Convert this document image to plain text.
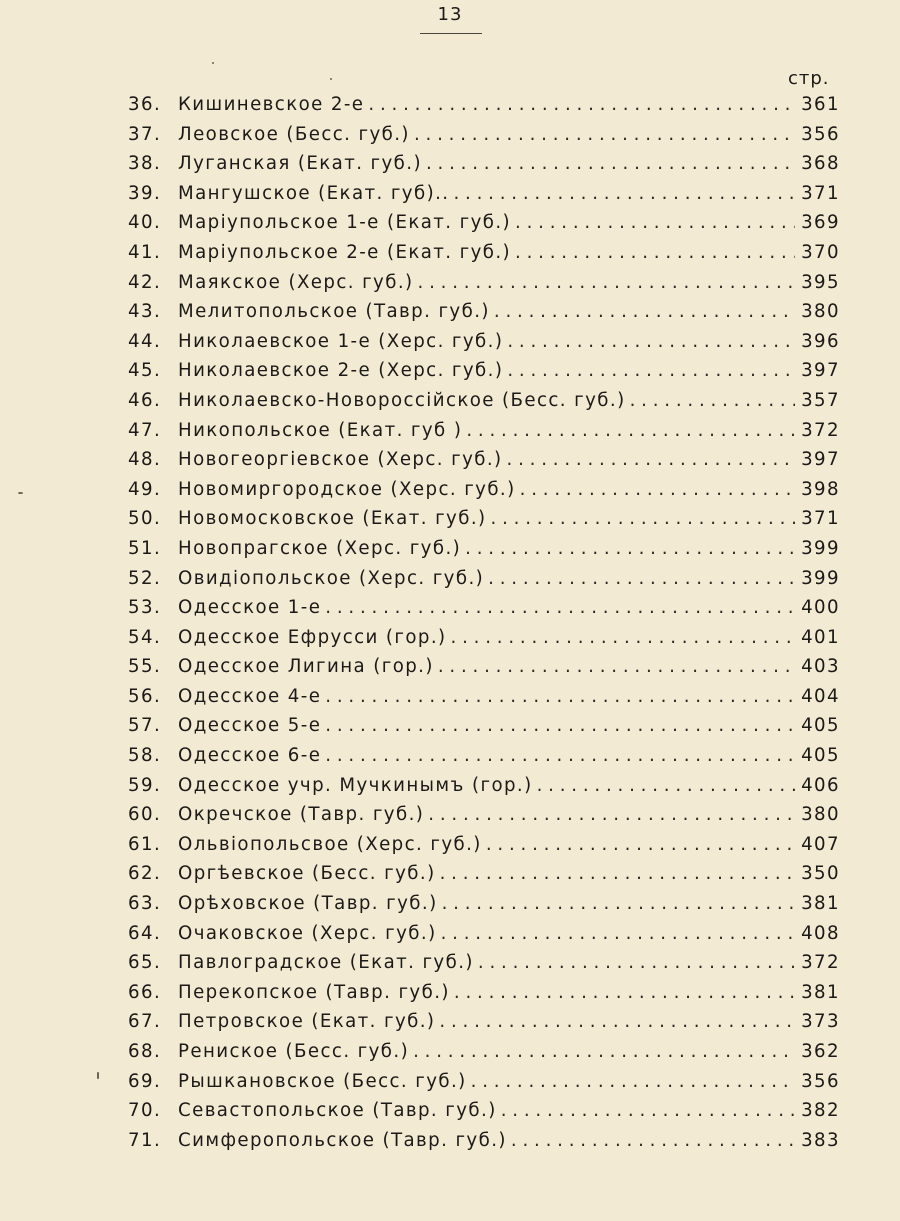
13
стр.
36. Кишиневское 2-е . . .	361
37. Леовское (Бесс. губ.) . . .	356
38. Луганская (Екат. губ.) . . .	368
39. Мангушское (Екат. губ).. . . .	371
40. Маріупольское 1-е (Екат. губ.) . . .	369
41. Маріупольское 2-е (Екат. губ.) . . .	370
42. Маякское (Херс. губ.) . . .	395
43. Мелитопольское (Тавр. губ.) . . .	380
44. Николаевское 1-е (Херс. губ.) . . .	396
45. Николаевское 2-е (Херс. губ.) . . .	397
46. Николаевско-Новороссійское (Бесс. губ.) . . .	357
47. Никопольское (Екат. губ ) . . .	372
48. Новогеоргіевское (Херс. губ.) . . .	397
49. Новомиргородское (Херс. губ.) . . .	398
50. Новомосковское (Екат. губ.) . . .	371
51. Новопрагское (Херс. губ.) . . .	399
52. Овидіопольское (Херс. губ.) . . .	399
53. Одесское 1-е . . .	400
54. Одесское Ефрусси (гор.) . . .	401
55. Одесское Лигина (гор.) . . .	403
56. Одесское 4-е . . .	404
57. Одесское 5-е . . .	405
58. Одесское 6-е . . .	405
59. Одесское учр. Мучкинымъ (гор.) . . .	406
60. Окречское (Тавр. губ.) . . .	380
61. Ольвіопольсвое (Херс. губ.) . . .	407
62. Оргѣевское (Бесс. губ.) . . .	350
63. Орѣховское (Тавр. губ.) . . .	381
64. Очаковское (Херс. губ.) . . .	408
65. Павлоградское (Екат. губ.) . . .	372
66. Перекопское (Тавр. губ.) . . .	381
67. Петровское (Екат. губ.) . . .	373
68. Рениское (Бесс. губ.) . . .	362
69. Рышкановское (Бесс. губ.) . . .	356
70. Севастопольское (Тавр. губ.) . . .	382
71. Симферопольское (Тавр. губ.) . . .	383
